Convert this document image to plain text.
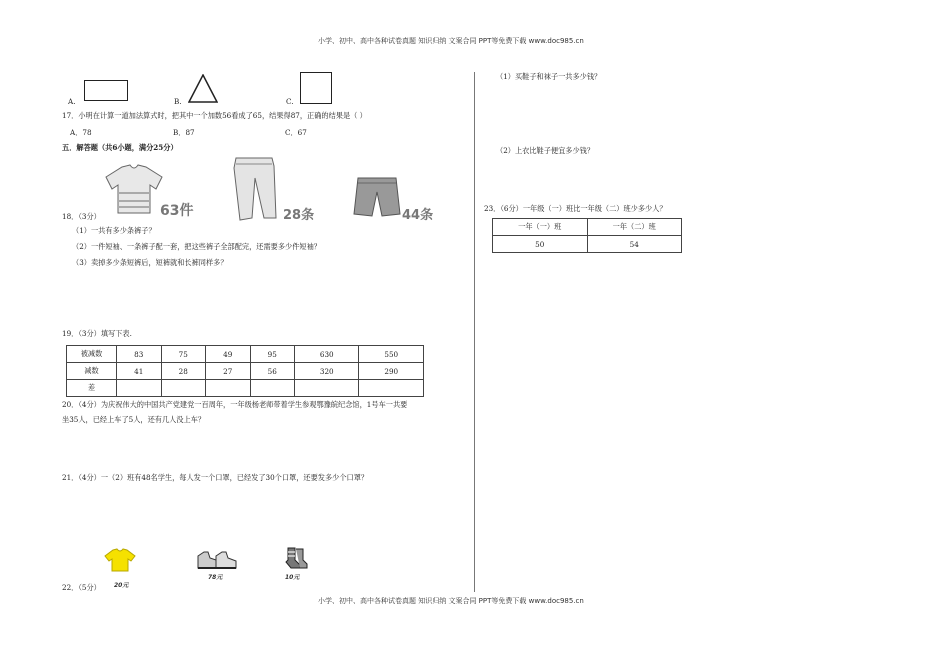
小学、初中、高中各种试卷真题 知识归纳 文案合同 PPT等免费下载 www.doc985.cn
小学、初中、高中各种试卷真题 知识归纳 文案合同 PPT等免费下载 www.doc985.cn
A.	B.	C.
17．小明在计算一道加法算式时，把其中一个加数56看成了65，结果得87，正确的结果是（ ）
A．78	B．87	C．67
五．解答题（共6小题，满分25分）
63件	28条	44条
18．（3分）
（1）一共有多少条裤子？
（2）一件短袖、一条裤子配一套，把这些裤子全部配完，还需要多少件短袖？
（3）卖掉多少条短裤后，短裤就和长裤同样多？
19．（3分）填写下表.
被减数	83	75	49	95	630	550
减数	41	28	27	56	320	290
差						
20．（4分）为庆祝伟大的中国共产党建党一百周年，一年级杨老师带着学生参观鄂豫皖纪念馆，1号车一共要
坐35人，已经上车了5人，还有几人没上车？
21．（4分）一（2）班有48名学生，每人发一个口罩，已经发了30个口罩，还要发多少个口罩？
20元
78元	10元
22．（5分）
（1）买鞋子和袜子一共多少钱？
（2）上衣比鞋子便宜多少钱？
23．（6分）一年级（一）班比一年级（二）班少多少人？
一年（一）班	一年（二）班
50	54
